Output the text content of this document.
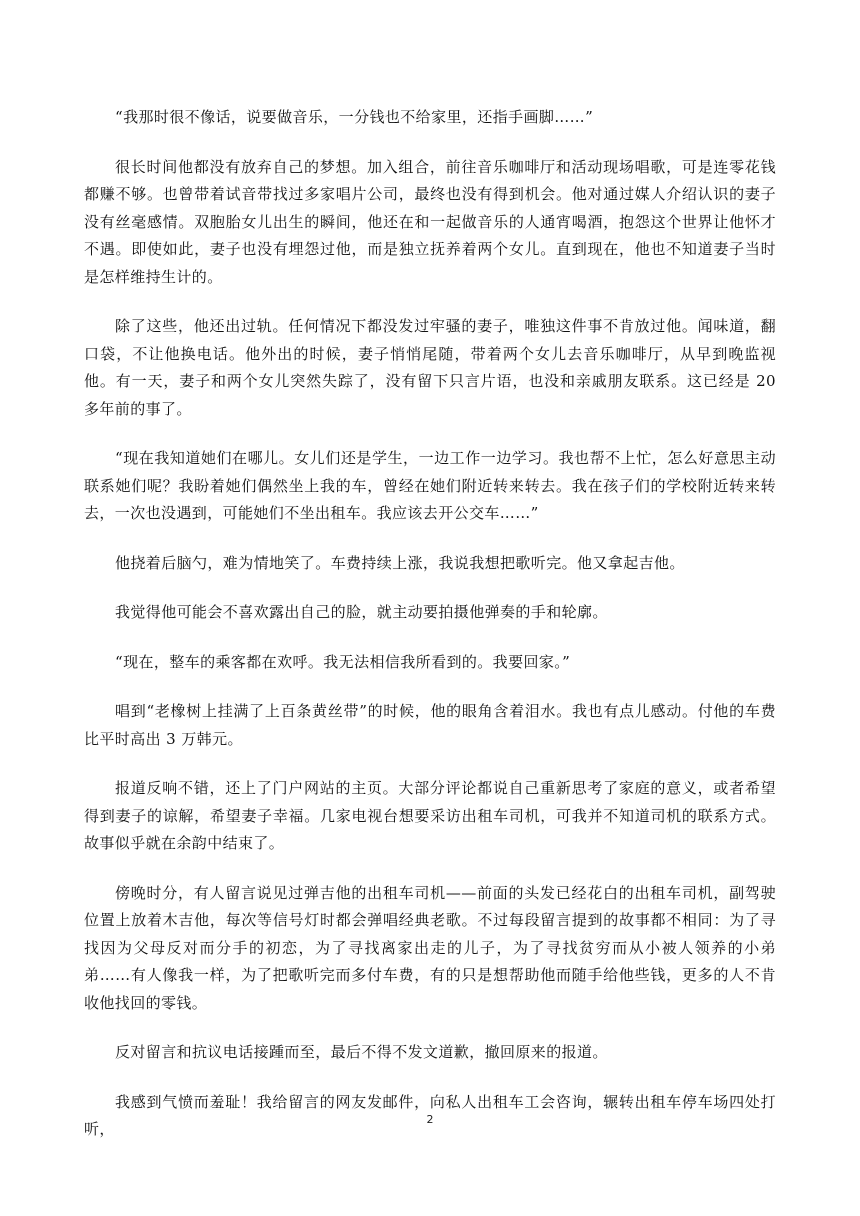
“我那时很不像话，说要做音乐，一分钱也不给家里，还指手画脚……”

很长时间他都没有放弃自己的梦想。加入组合，前往音乐咖啡厅和活动现场唱歌，可是连零花钱都赚不够。也曾带着试音带找过多家唱片公司，最终也没有得到机会。他对通过媒人介绍认识的妻子没有丝毫感情。双胞胎女儿出生的瞬间，他还在和一起做音乐的人通宵喝酒，抱怨这个世界让他怀才不遇。即使如此，妻子也没有埋怨过他，而是独立抚养着两个女儿。直到现在，他也不知道妻子当时是怎样维持生计的。

除了这些，他还出过轨。任何情况下都没发过牢骚的妻子，唯独这件事不肯放过他。闻味道，翻口袋，不让他换电话。他外出的时候，妻子悄悄尾随，带着两个女儿去音乐咖啡厅，从早到晚监视他。有一天，妻子和两个女儿突然失踪了，没有留下只言片语，也没和亲戚朋友联系。这已经是 20 多年前的事了。

“现在我知道她们在哪儿。女儿们还是学生，一边工作一边学习。我也帮不上忙，怎么好意思主动联系她们呢？我盼着她们偶然坐上我的车，曾经在她们附近转来转去。我在孩子们的学校附近转来转去，一次也没遇到，可能她们不坐出租车。我应该去开公交车……”

他挠着后脑勺，难为情地笑了。车费持续上涨，我说我想把歌听完。他又拿起吉他。

我觉得他可能会不喜欢露出自己的脸，就主动要拍摄他弹奏的手和轮廓。

“现在，整车的乘客都在欢呼。我无法相信我所看到的。我要回家。”

唱到“老橡树上挂满了上百条黄丝带”的时候，他的眼角含着泪水。我也有点儿感动。付他的车费比平时高出 3 万韩元。

报道反响不错，还上了门户网站的主页。大部分评论都说自己重新思考了家庭的意义，或者希望得到妻子的谅解，希望妻子幸福。几家电视台想要采访出租车司机，可我并不知道司机的联系方式。故事似乎就在余韵中结束了。

傍晚时分，有人留言说见过弹吉他的出租车司机——前面的头发已经花白的出租车司机，副驾驶位置上放着木吉他，每次等信号灯时都会弹唱经典老歌。不过每段留言提到的故事都不相同：为了寻找因为父母反对而分手的初恋，为了寻找离家出走的儿子，为了寻找贫穷而从小被人领养的小弟弟……有人像我一样，为了把歌听完而多付车费，有的只是想帮助他而随手给他些钱，更多的人不肯收他找回的零钱。

反对留言和抗议电话接踵而至，最后不得不发文道歉，撤回原来的报道。

我感到气愤而羞耻！我给留言的网友发邮件，向私人出租车工会咨询，辗转出租车停车场四处打听，

2
